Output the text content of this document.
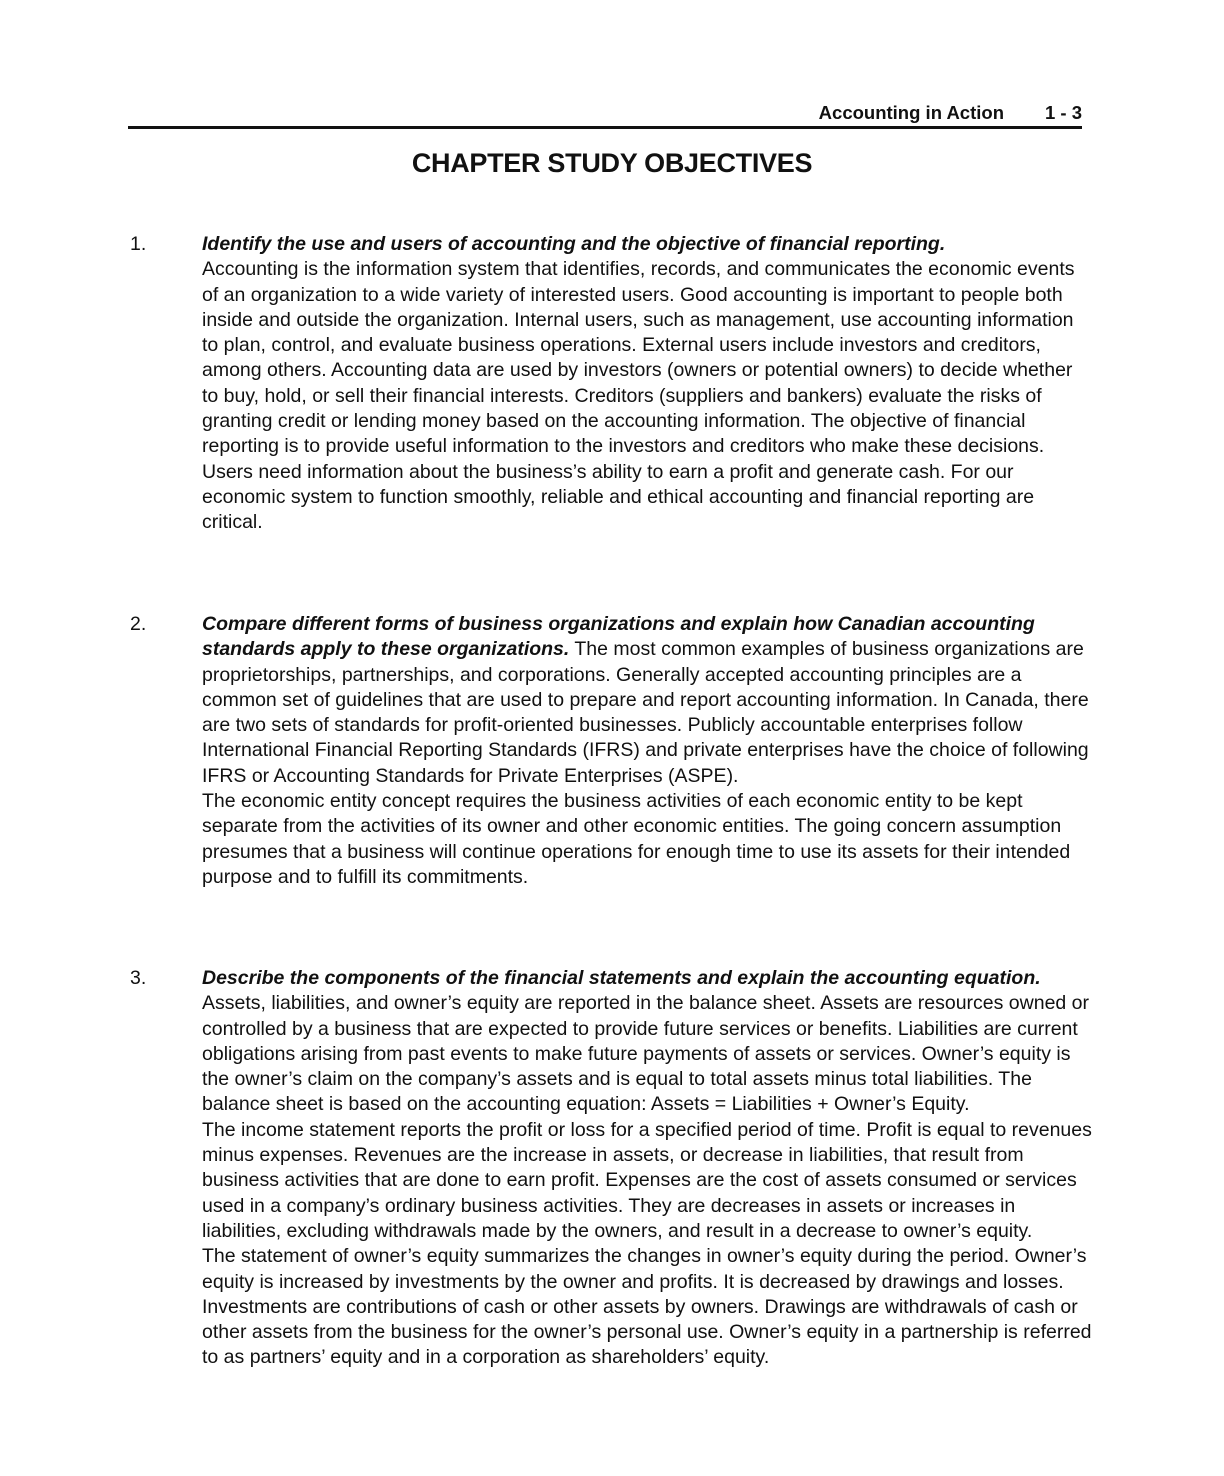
Accounting in Action 1 - 3
CHAPTER STUDY OBJECTIVES
1.	Identify the use and users of accounting and the objective of financial reporting.

Accounting is the information system that identifies, records, and communicates the economic events of an organization to a wide variety of interested users. Good accounting is important to people both inside and outside the organization. Internal users, such as management, use accounting information to plan, control, and evaluate business operations. External users include investors and creditors, among others. Accounting data are used by investors (owners or potential owners) to decide whether to buy, hold, or sell their financial interests. Creditors (suppliers and bankers) evaluate the risks of granting credit or lending money based on the accounting information. The objective of financial reporting is to provide useful information to the investors and creditors who make these decisions. Users need information about the business’s ability to earn a profit and generate cash. For our economic system to function smoothly, reliable and ethical accounting and financial reporting are critical.

2.	Compare different forms of business organizations and explain how Canadian accounting standards apply to these organizations. The most common examples of business organizations are proprietorships, partnerships, and corporations. Generally accepted accounting principles are a common set of guidelines that are used to prepare and report accounting information. In Canada, there are two sets of standards for profit-oriented businesses. Publicly accountable enterprises follow International Financial Reporting Standards (IFRS) and private enterprises have the choice of following IFRS or Accounting Standards for Private Enterprises (ASPE).

The economic entity concept requires the business activities of each economic entity to be kept separate from the activities of its owner and other economic entities. The going concern assumption presumes that a business will continue operations for enough time to use its assets for their intended purpose and to fulfill its commitments.

3.	Describe the components of the financial statements and explain the accounting equation. Assets, liabilities, and owner’s equity are reported in the balance sheet. Assets are resources owned or controlled by a business that are expected to provide future services or benefits. Liabilities are current obligations arising from past events to make future payments of assets or services. Owner’s equity is the owner’s claim on the company’s assets and is equal to total assets minus total liabilities. The balance sheet is based on the accounting equation: Assets = Liabilities + Owner’s Equity.

The income statement reports the profit or loss for a specified period of time. Profit is equal to revenues minus expenses. Revenues are the increase in assets, or decrease in liabilities, that result from business activities that are done to earn profit. Expenses are the cost of assets consumed or services used in a company’s ordinary business activities. They are decreases in assets or increases in liabilities, excluding withdrawals made by the owners, and result in a decrease to owner’s equity.

The statement of owner’s equity summarizes the changes in owner’s equity during the period. Owner’s equity is increased by investments by the owner and profits. It is decreased by drawings and losses. Investments are contributions of cash or other assets by owners. Drawings are withdrawals of cash or other assets from the business for the owner’s personal use. Owner’s equity in a partnership is referred to as partners’ equity and in a corporation as shareholders’ equity.
